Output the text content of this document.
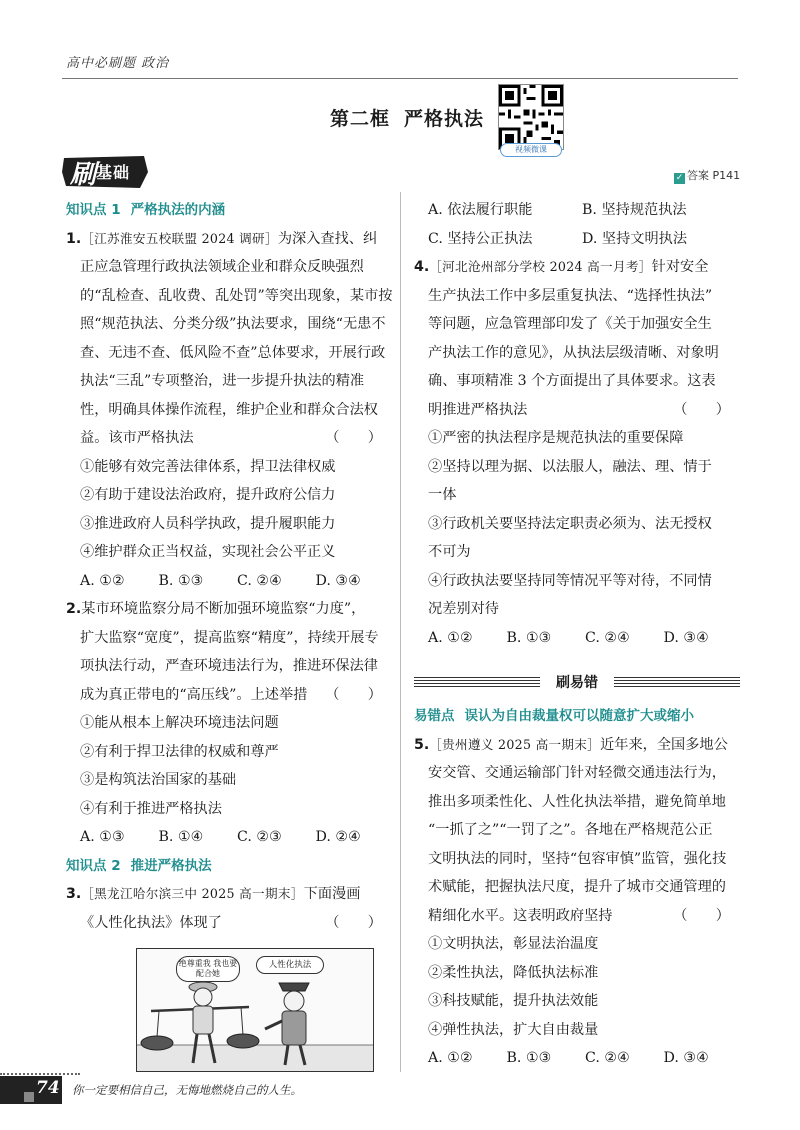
高中必刷题 政治
第二框 严格执法
视频微课
刷 基础	✓ 答案 P141
知识点 1 严格执法的内涵
1.［江苏淮安五校联盟 2024 调研］为深入查找、纠
正应急管理行政执法领域企业和群众反映强烈
的“乱检查、乱收费、乱处罚”等突出现象，某市按
照“规范执法、分类分级”执法要求，围绕“无患不
查、无违不查、低风险不查”总体要求，开展行政
执法“三乱”专项整治，进一步提升执法的精准
性，明确具体操作流程，维护企业和群众合法权
益。该市严格执法	（　　）
①能够有效完善法律体系，捍卫法律权威
②有助于建设法治政府，提升政府公信力
③推进政府人员科学执政，提升履职能力
④维护群众正当权益，实现社会公平正义
A. ①②	B. ①③	C. ②④	D. ③④
2.某市环境监察分局不断加强环境监察“力度”，
扩大监察“宽度”，提高监察“精度”，持续开展专
项执法行动，严查环境违法行为，推进环保法律
成为真正带电的“高压线”。上述举措 （　　）
①能从根本上解决环境违法问题
②有利于捍卫法律的权威和尊严
③是构筑法治国家的基础
④有利于推进严格执法
A. ①③	B. ①④	C. ②③	D. ②④
知识点 2 推进严格执法
3.［黑龙江哈尔滨三中 2025 高一期末］下面漫画
《人性化执法》体现了	（　　）
绝尊重我 我也要配合她
人性化执法
A. 依法履行职能	B. 坚持规范执法
C. 坚持公正执法	D. 坚持文明执法
4.［河北沧州部分学校 2024 高一月考］针对安全
生产执法工作中多层重复执法、“选择性执法”
等问题，应急管理部印发了《关于加强安全生
产执法工作的意见》，从执法层级清晰、对象明
确、事项精准 3 个方面提出了具体要求。这表
明推进严格执法	（　　）
①严密的执法程序是规范执法的重要保障
②坚持以理为据、以法服人，融法、理、情于
一体
③行政机关要坚持法定职责必须为、法无授权
不可为
④行政执法要坚持同等情况平等对待，不同情
况差别对待
A. ①②	B. ①③	C. ②④	D. ③④
刷易错
易错点 误认为自由裁量权可以随意扩大或缩小
5.［贵州遵义 2025 高一期末］近年来，全国多地公
安交管、交通运输部门针对轻微交通违法行为，
推出多项柔性化、人性化执法举措，避免简单地
“一抓了之”“一罚了之”。各地在严格规范公正
文明执法的同时，坚持“包容审慎”监管，强化技
术赋能，把握执法尺度，提升了城市交通管理的
精细化水平。这表明政府坚持	（　　）
①文明执法，彰显法治温度
②柔性执法，降低执法标准
③科技赋能，提升执法效能
④弹性执法，扩大自由裁量
A. ①②	B. ①③	C. ②④	D. ③④
74 你一定要相信自己，无悔地燃烧自己的人生。
